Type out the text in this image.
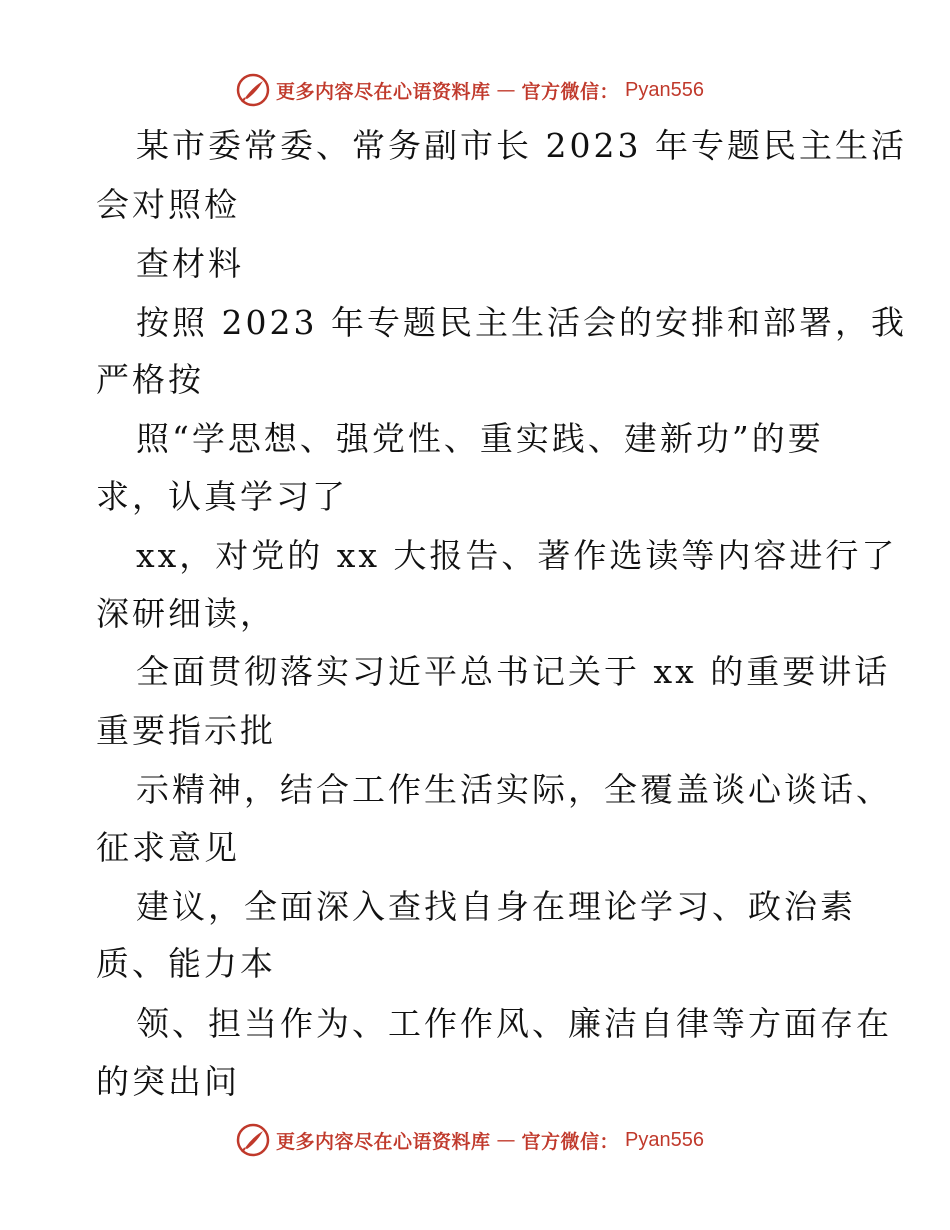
更多内容尽在心语资料库 — 官方微信： Pyan556
某市委常委、常务副市长 2023 年专题民主生活
会对照检
查材料
按照 2023 年专题民主生活会的安排和部署，我
严格按
照“学思想、强党性、重实践、建新功”的要
求，认真学习了
xx，对党的 xx 大报告、著作选读等内容进行了
深研细读，
全面贯彻落实习近平总书记关于 xx 的重要讲话
重要指示批
示精神，结合工作生活实际，全覆盖谈心谈话、
征求意见
建议，全面深入查找自身在理论学习、政治素
质、能力本
领、担当作为、工作作风、廉洁自律等方面存在
的突出问
更多内容尽在心语资料库 — 官方微信： Pyan556
